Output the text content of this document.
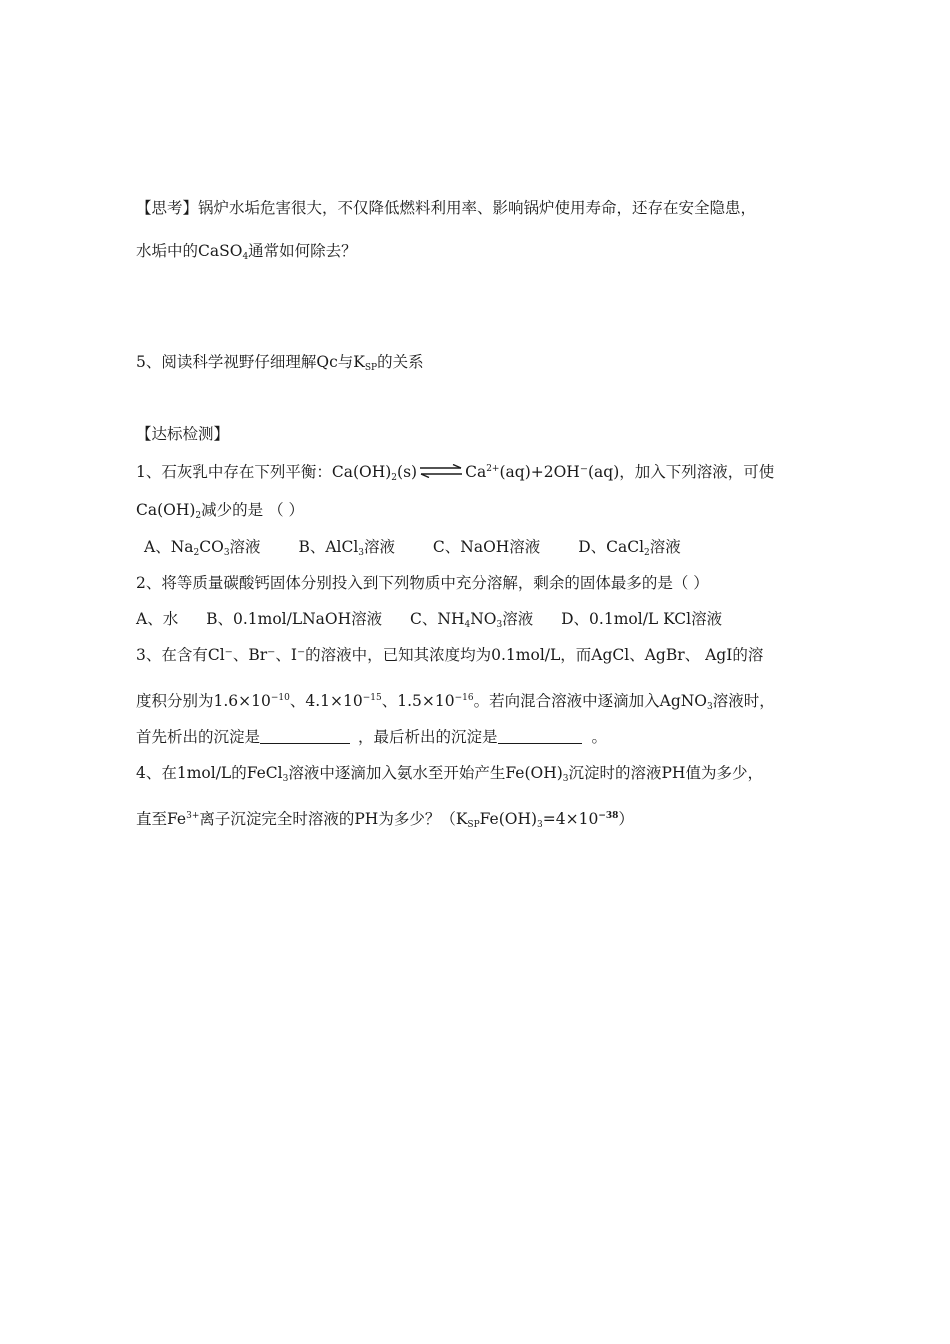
【思考】锅炉水垢危害很大，不仅降低燃料利用率、影响锅炉使用寿命，还存在安全隐患，
水垢中的CaSO$_4$通常如何除去？
5、阅读科学视野仔细理解Qc与$K_{SP}$的关系
【达标检测】
1、石灰乳中存在下列平衡：$Ca(OH)_2(s)$ ⇌ $Ca^{2+}(aq)+2OH^-(aq)$，加入下列溶液，可使
$Ca(OH)_2$减少的是 （ ）
A、$Na_2CO_3$溶液 B、AlCl$_3$溶液 C、NaOH溶液 D、CaCl$_2$溶液
2、将等质量碳酸钙固体分别投入到下列物质中充分溶解，剩余的固体最多的是（ ）
A、水 B、0.1mol/LNaOH溶液 C、$NH_4NO_3$溶液 D、0.1mol/L KCl溶液
3、在含有Cl⁻、Br⁻、I⁻的溶液中，已知其浓度均为0.1mol/L，而AgCl、AgBr、 AgI的溶
度积分别为$1.6\times 10^{-10}$、$4.1\times 10^{-15}$、$1.5\times 10^{-16}$。若向混合溶液中逐滴加入AgNO$_3$溶液时，
首先析出的沉淀是	，最后析出的沉淀是	。
4、在1mol/L的FeCl$_3$溶液中逐滴加入氨水至开始产生$Fe(OH)_3$沉淀时的溶液PH值为多少，
直至$Fe^{3+}$离子沉淀完全时溶液的PH为多少？$(K_{SP}Fe(OH)_3=4\times 10^{-38})$
